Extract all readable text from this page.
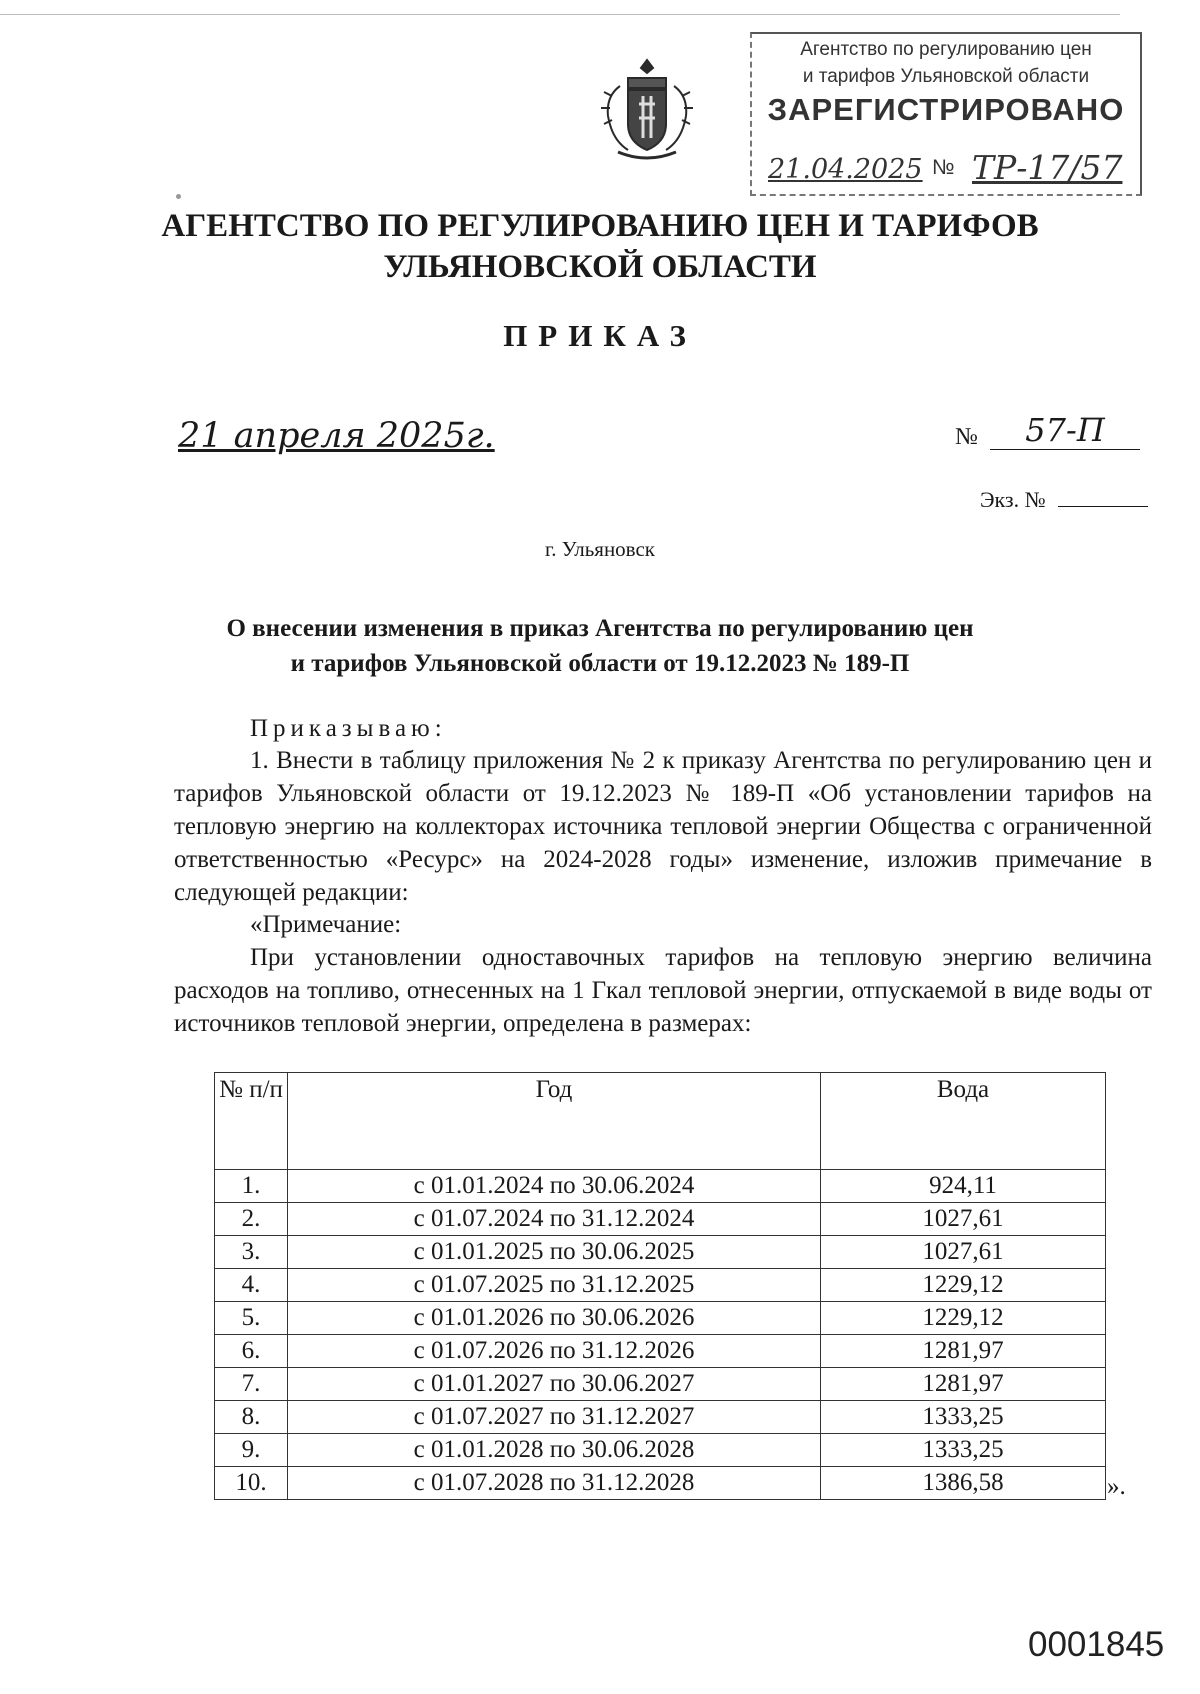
Агентство по регулированию цен
и тарифов Ульяновской области
ЗАРЕГИСТРИРОВАНО
21.04.2025 № ТР-17/57
АГЕНТСТВО ПО РЕГУЛИРОВАНИЮ ЦЕН И ТАРИФОВ
УЛЬЯНОВСКОЙ ОБЛАСТИ
ПРИКАЗ
21 апреля 2025г.	№	57-П
Экз. №
г. Ульяновск
О внесении изменения в приказ Агентства по регулированию цен
и тарифов Ульяновской области от 19.12.2023 № 189-П
Приказываю:
1. Внести в таблицу приложения № 2 к приказу Агентства по регулированию цен и тарифов Ульяновской области от 19.12.2023 № 189-П «Об установлении тарифов на тепловую энергию на коллекторах источника тепловой энергии Общества с ограниченной ответственностью «Ресурс» на 2024-2028 годы» изменение, изложив примечание в следующей редакции:
«Примечание:
При установлении одноставочных тарифов на тепловую энергию величина расходов на топливо, отнесенных на 1 Гкал тепловой энергии, отпускаемой в виде воды от источников тепловой энергии, определена в размерах:
№ п/п	Год	Вода
1.	с 01.01.2024 по 30.06.2024	924,11
2.	с 01.07.2024 по 31.12.2024	1027,61
3.	с 01.01.2025 по 30.06.2025	1027,61
4.	с 01.07.2025 по 31.12.2025	1229,12
5.	с 01.01.2026 по 30.06.2026	1229,12
6.	с 01.07.2026 по 31.12.2026	1281,97
7.	с 01.01.2027 по 30.06.2027	1281,97
8.	с 01.07.2027 по 31.12.2027	1333,25
9.	с 01.01.2028 по 30.06.2028	1333,25
10.	с 01.07.2028 по 31.12.2028	1386,58	».
0001845
